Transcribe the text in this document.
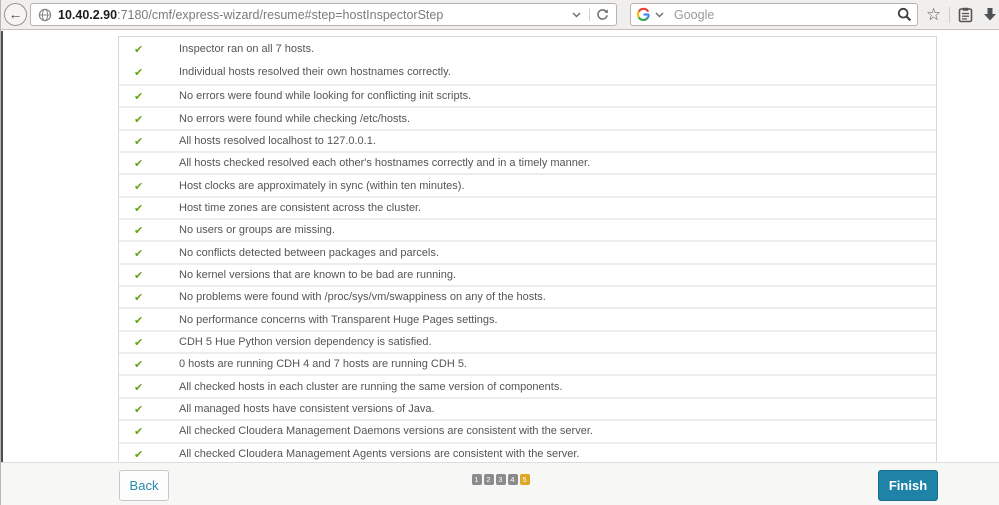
←	10.40.2.90:7180/cmf/express-wizard/resume#step=hostInspectorStep	Google	☆
✔	Inspector ran on all 7 hosts.
✔	Individual hosts resolved their own hostnames correctly.
✔	No errors were found while looking for conflicting init scripts.
✔	No errors were found while checking /etc/hosts.
✔	All hosts resolved localhost to 127.0.0.1.
✔	All hosts checked resolved each other's hostnames correctly and in a timely manner.
✔	Host clocks are approximately in sync (within ten minutes).
✔	Host time zones are consistent across the cluster.
✔	No users or groups are missing.
✔	No conflicts detected between packages and parcels.
✔	No kernel versions that are known to be bad are running.
✔	No problems were found with /proc/sys/vm/swappiness on any of the hosts.
✔	No performance concerns with Transparent Huge Pages settings.
✔	CDH 5 Hue Python version dependency is satisfied.
✔	0 hosts are running CDH 4 and 7 hosts are running CDH 5.
✔	All checked hosts in each cluster are running the same version of components.
✔	All managed hosts have consistent versions of Java.
✔	All checked Cloudera Management Daemons versions are consistent with the server.
✔	All checked Cloudera Management Agents versions are consistent with the server.
Back	1	2	3	4	5	Finish
